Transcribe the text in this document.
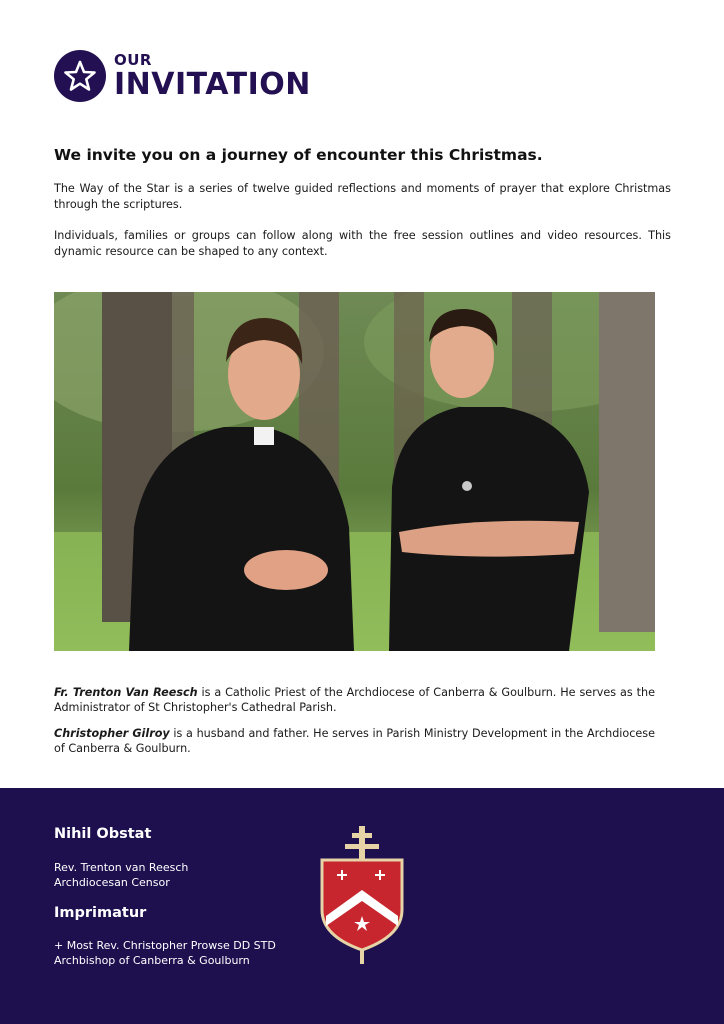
OUR
INVITATION

We invite you on a journey of encounter this Christmas.

The Way of the Star is a series of twelve guided reflections and moments of prayer that explore Christmas through the scriptures.

Individuals, families or groups can follow along with the free session outlines and video resources. This dynamic resource can be shaped to any context.

Fr. Trenton Van Reesch is a Catholic Priest of the Archdiocese of Canberra & Goulburn. He serves as the Administrator of St Christopher's Cathedral Parish.

Christopher Gilroy is a husband and father. He serves in Parish Ministry Development in the Archdiocese of Canberra & Goulburn.

Nihil Obstat

Rev. Trenton van Reesch

Archdiocesan Censor

Imprimatur

+ Most Rev. Christopher Prowse DD STD

Archbishop of Canberra & Goulburn
